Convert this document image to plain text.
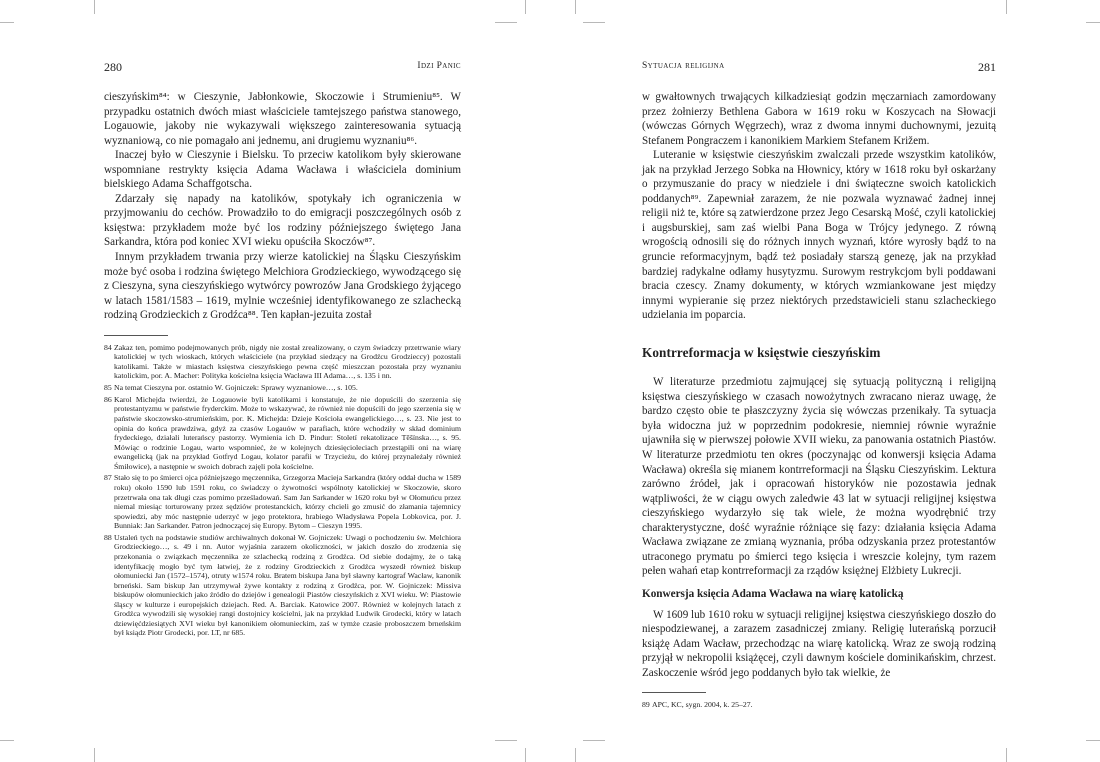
280	Idzi Panic

cieszyńskim⁸⁴: w Cieszynie, Jabłonkowie, Skoczowie i Strumieniu⁸⁵. W przypadku ostatnich dwóch miast właściciele tamtejszego państwa stanowego, Logauowie, jakoby nie wykazywali większego zainteresowania sytuacją wyznaniową, co nie pomagało ani jednemu, ani drugiemu wyznaniu⁸⁶.

Inaczej było w Cieszynie i Bielsku. To przeciw katolikom były skierowane wspomniane restrykty księcia Adama Wacława i właściciela dominium bielskiego Adama Schaffgotscha.

Zdarzały się napady na katolików, spotykały ich ograniczenia w przyjmowaniu do cechów. Prowadziło to do emigracji poszczególnych osób z księstwa: przykładem może być los rodziny późniejszego świętego Jana Sarkandra, która pod koniec XVI wieku opuściła Skoczów⁸⁷.

Innym przykładem trwania przy wierze katolickiej na Śląsku Cieszyńskim może być osoba i rodzina świętego Melchiora Grodzieckiego, wywodzącego się z Cieszyna, syna cieszyńskiego wytwórcy powrozów Jana Grodskiego żyjącego w latach 1581/1583 – 1619, mylnie wcześniej identyfikowanego ze szlachecką rodziną Grodzieckich z Grodźca⁸⁸. Ten kapłan-jezuita został

84 Zakaz ten, pomimo podejmowanych prób, nigdy nie został zrealizowany, o czym świadczy przetrwanie wiary katolickiej w tych wioskach, których właściciele (na przykład siedzący na Grodźcu Grodzieccy) pozostali katolikami. Także w miastach księstwa cieszyńskiego pewna część mieszczan pozostała przy wyznaniu katolickim, por. A. Macher: Polityka kościelna księcia Wacława III Adama…, s. 135 i nn.

85 Na temat Cieszyna por. ostatnio W. Gojniczek: Sprawy wyznaniowe…, s. 105.

86 Karol Michejda twierdzi, że Logauowie byli katolikami i konstatuje, że nie dopuścili do szerzenia się protestantyzmu w państwie fryderckim. Może to wskazywać, że również nie dopuścili do jego szerzenia się w państwie skoczowsko-strumieńskim, por. K. Michejda: Dzieje Kościoła ewangelickiego…, s. 23. Nie jest to opinia do końca prawdziwa, gdyż za czasów Logauów w parafiach, które wchodziły w skład dominium frydeckiego, działali luterańscy pastorzy. Wymienia ich D. Pindur: Století rekatolizace Těšínska…, s. 95. Mówiąc o rodzinie Logau, warto wspomnieć, że w kolejnych dziesięcioleciach przestąpili oni na wiarę ewangelicką (jak na przykład Gotfryd Logau, kolator parafii w Trzycieżu, do której przynależały również Śmiłowice), a następnie w swoich dobrach zajęli pola kościelne.

87 Stało się to po śmierci ojca późniejszego męczennika, Grzegorza Macieja Sarkandra (który oddał ducha w 1589 roku) około 1590 lub 1591 roku, co świadczy o żywotności wspólnoty katolickiej w Skoczowie, skoro przetrwała ona tak długi czas pomimo prześladowań. Sam Jan Sarkander w 1620 roku był w Ołomuńcu przez niemal miesiąc torturowany przez sędziów protestanckich, którzy chcieli go zmusić do złamania tajemnicy spowiedzi, aby móc następnie uderzyć w jego protektora, hrabiego Władysława Popela Lobkovica, por. J. Bunniak: Jan Sarkander. Patron jednoczącej się Europy. Bytom – Cieszyn 1995.

88 Ustaleń tych na podstawie studiów archiwalnych dokonał W. Gojniczek: Uwagi o pochodzeniu św. Melchiora Grodzieckiego…, s. 49 i nn. Autor wyjaśnia zarazem okoliczności, w jakich doszło do zrodzenia się przekonania o związkach męczennika ze szlachecką rodziną z Grodźca. Od siebie dodajmy, że o taką identyfikację mogło być tym łatwiej, że z rodziny Grodzieckich z Grodźca wyszedł również biskup ołomuniecki Jan (1572–1574), otruty w1574 roku. Bratem biskupa Jana był sławny kartograf Wacław, kanonik brneński. Sam biskup Jan utrzymywał żywe kontakty z rodziną z Grodźca, por. W. Gojniczek: Missiva biskupów ołomunieckich jako źródło do dziejów i genealogii Piastów cieszyńskich z XVI wieku. W: Piastowie śląscy w kulturze i europejskich dziejach. Red. A. Barciak. Katowice 2007. Również w kolejnych latach z Grodźca wywodzili się wysokiej rangi dostojnicy kościelni, jak na przykład Ludwik Grodecki, który w latach dziewięćdziesiątych XVI wieku był kanonikiem ołomunieckim, zaś w tymże czasie proboszczem brneńskim był ksiądz Piotr Grodecki, por. LT, nr 685.

Sytuacja religijna	281

w gwałtownych trwających kilkadziesiąt godzin męczarniach zamordowany przez żołnierzy Bethlena Gabora w 1619 roku w Koszycach na Słowacji (wówczas Górnych Węgrzech), wraz z dwoma innymi duchownymi, jezuitą Stefanem Pongraczem i kanonikiem Markiem Stefanem Križem.

Luteranie w księstwie cieszyńskim zwalczali przede wszystkim katolików, jak na przykład Jerzego Sobka na Hłownicy, który w 1618 roku był oskarżany o przymuszanie do pracy w niedziele i dni świąteczne swoich katolickich poddanych⁸⁹. Zapewniał zarazem, że nie pozwala wyznawać żadnej innej religii niż te, które są zatwierdzone przez Jego Cesarską Mość, czyli katolickiej i augsburskiej, sam zaś wielbi Pana Boga w Trójcy jedynego. Z równą wrogością odnosili się do różnych innych wyznań, które wyrosły bądź to na gruncie reformacyjnym, bądź też posiadały starszą genezę, jak na przykład bardziej radykalne odłamy husytyzmu. Surowym restrykcjom byli poddawani bracia czescy. Znamy dokumenty, w których wzmiankowane jest między innymi wypieranie się przez niektórych przedstawicieli stanu szlacheckiego udzielania im poparcia.

Kontrreformacja w księstwie cieszyńskim

W literaturze przedmiotu zajmującej się sytuacją polityczną i religijną księstwa cieszyńskiego w czasach nowożytnych zwracano nieraz uwagę, że bardzo często obie te płaszczyzny życia się wówczas przenikały. Ta sytuacja była widoczna już w poprzednim podokresie, niemniej równie wyraźnie ujawniła się w pierwszej połowie XVII wieku, za panowania ostatnich Piastów. W literaturze przedmiotu ten okres (poczynając od konwersji księcia Adama Wacława) określa się mianem kontrreformacji na Śląsku Cieszyńskim. Lektura zarówno źródeł, jak i opracowań historyków nie pozostawia jednak wątpliwości, że w ciągu owych zaledwie 43 lat w sytuacji religijnej księstwa cieszyńskiego wydarzyło się tak wiele, że można wyodrębnić trzy charakterystyczne, dość wyraźnie różniące się fazy: działania księcia Adama Wacława związane ze zmianą wyznania, próba odzyskania przez protestantów utraconego prymatu po śmierci tego księcia i wreszcie kolejny, tym razem pełen wahań etap kontrreformacji za rządów księżnej Elżbiety Lukrecji.

Konwersja księcia Adama Wacława na wiarę katolicką

W 1609 lub 1610 roku w sytuacji religijnej księstwa cieszyńskiego doszło do niespodziewanej, a zarazem zasadniczej zmiany. Religię luterańską porzucił książę Adam Wacław, przechodząc na wiarę katolicką. Wraz ze swoją rodziną przyjął w nekropolii książęcej, czyli dawnym kościele dominikańskim, chrzest. Zaskoczenie wśród jego poddanych było tak wielkie, że

89 APC, KC, sygn. 2004, k. 25–27.
